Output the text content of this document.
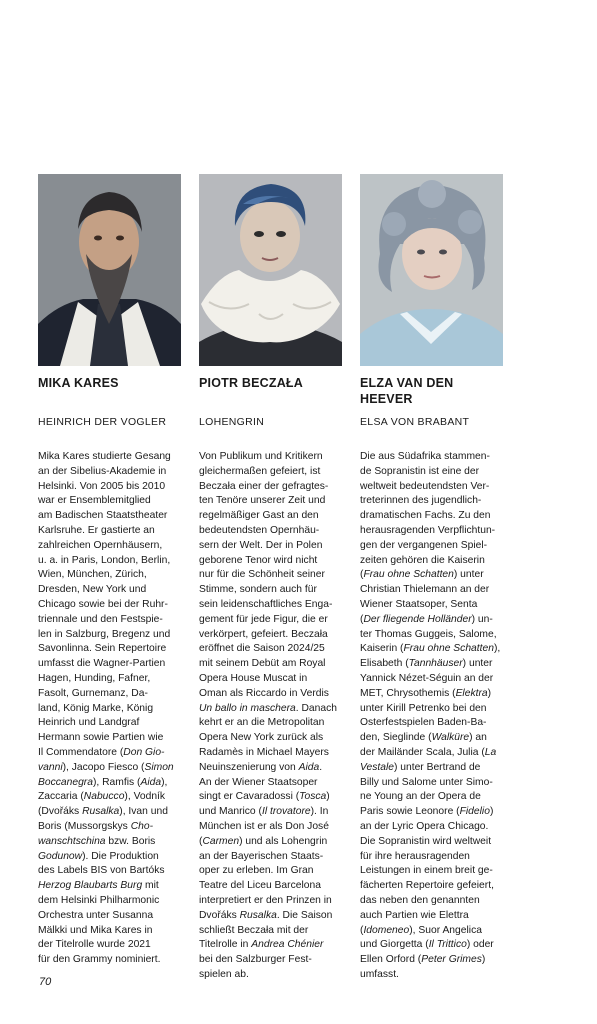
MIKA KARES
HEINRICH DER VOGLER
Mika Kares studierte Gesang
an der Sibelius-Akademie in
Helsinki. Von 2005 bis 2010
war er Ensemblemitglied
am Badischen Staatstheater
Karlsruhe. Er gastierte an
zahlreichen Opernhäusern,
u. a. in Paris, London, Berlin,
Wien, München, Zürich,
Dresden, New York und
Chicago sowie bei der Ruhr-
triennale und den Festspie-
len in Salzburg, Bregenz und
Savonlinna. Sein Repertoire
umfasst die Wagner-Partien
Hagen, Hunding, Fafner,
Fasolt, Gurnemanz, Da-
land, König Marke, König
Heinrich und Landgraf
Hermann sowie Partien wie
Il Commendatore (Don Gio-
vanni), Jacopo Fiesco (Simon
Boccanegra), Ramfis (Aida),
Zaccaria (Nabucco), Vodník
(Dvořáks Rusalka), Ivan und
Boris (Mussorgskys Cho-
wanschtschina bzw. Boris
Godunow). Die Produktion
des Labels BIS von Bartóks
Herzog Blaubarts Burg mit
dem Helsinki Philharmonic
Orchestra unter Susanna
Mälkki und Mika Kares in
der Titelrolle wurde 2021
für den Grammy nominiert.
PIOTR BECZAŁA
LOHENGRIN
Von Publikum und Kritikern
gleichermaßen gefeiert, ist
Beczała einer der gefragtes-
ten Tenöre unserer Zeit und
regelmäßiger Gast an den
bedeutendsten Opernhäu-
sern der Welt. Der in Polen
geborene Tenor wird nicht
nur für die Schönheit seiner
Stimme, sondern auch für
sein leidenschaftliches Enga-
gement für jede Figur, die er
verkörpert, gefeiert. Beczała
eröffnet die Saison 2024/25
mit seinem Debüt am Royal
Opera House Muscat in
Oman als Riccardo in Verdis
Un ballo in maschera. Danach
kehrt er an die Metropolitan
Opera New York zurück als
Radamès in Michael Mayers
Neuinszenierung von Aida.
An der Wiener Staatsoper
singt er Cavaradossi (Tosca)
und Manrico (Il trovatore). In
München ist er als Don José
(Carmen) und als Lohengrin
an der Bayerischen Staats-
oper zu erleben. Im Gran
Teatre del Liceu Barcelona
interpretiert er den Prinzen in
Dvořáks Rusalka. Die Saison
schließt Beczała mit der
Titelrolle in Andrea Chénier
bei den Salzburger Fest-
spielen ab.
ELZA VAN DEN HEEVER
ELSA VON BRABANT
Die aus Südafrika stammen-
de Sopranistin ist eine der
weltweit bedeutendsten Ver-
treterinnen des jugendlich-
dramatischen Fachs. Zu den
herausragenden Verpflichtun-
gen der vergangenen Spiel-
zeiten gehören die Kaiserin
(Frau ohne Schatten) unter
Christian Thielemann an der
Wiener Staatsoper, Senta
(Der fliegende Holländer) un-
ter Thomas Guggeis, Salome,
Kaiserin (Frau ohne Schatten),
Elisabeth (Tannhäuser) unter
Yannick Nézet-Séguin an der
MET, Chrysothemis (Elektra)
unter Kirill Petrenko bei den
Osterfestspielen Baden-Ba-
den, Sieglinde (Walküre) an
der Mailänder Scala, Julia (La
Vestale) unter Bertrand de
Billy und Salome unter Simo-
ne Young an der Opera de
Paris sowie Leonore (Fidelio)
an der Lyric Opera Chicago.
Die Sopranistin wird weltweit
für ihre herausragenden
Leistungen in einem breit ge-
fächerten Repertoire gefeiert,
das neben den genannten
auch Partien wie Elettra
(Idomeneo), Suor Angelica
und Giorgetta (Il Trittico) oder
Ellen Orford (Peter Grimes)
umfasst.
70
